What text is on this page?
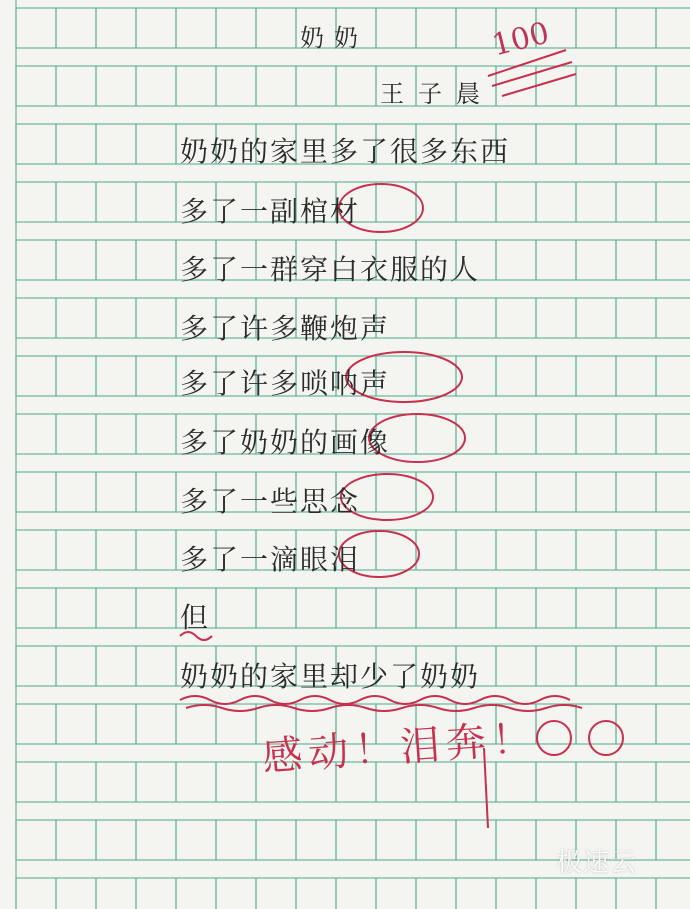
奶奶
王子晨
100
奶奶的家里多了很多东西
多了一副棺材
多了一群穿白衣服的人
多了许多鞭炮声
多了许多唢呐声
多了奶奶的画像
多了一些思念
多了一滴眼泪
但
奶奶的家里却少了奶奶
感动！泪奔！
极速云
